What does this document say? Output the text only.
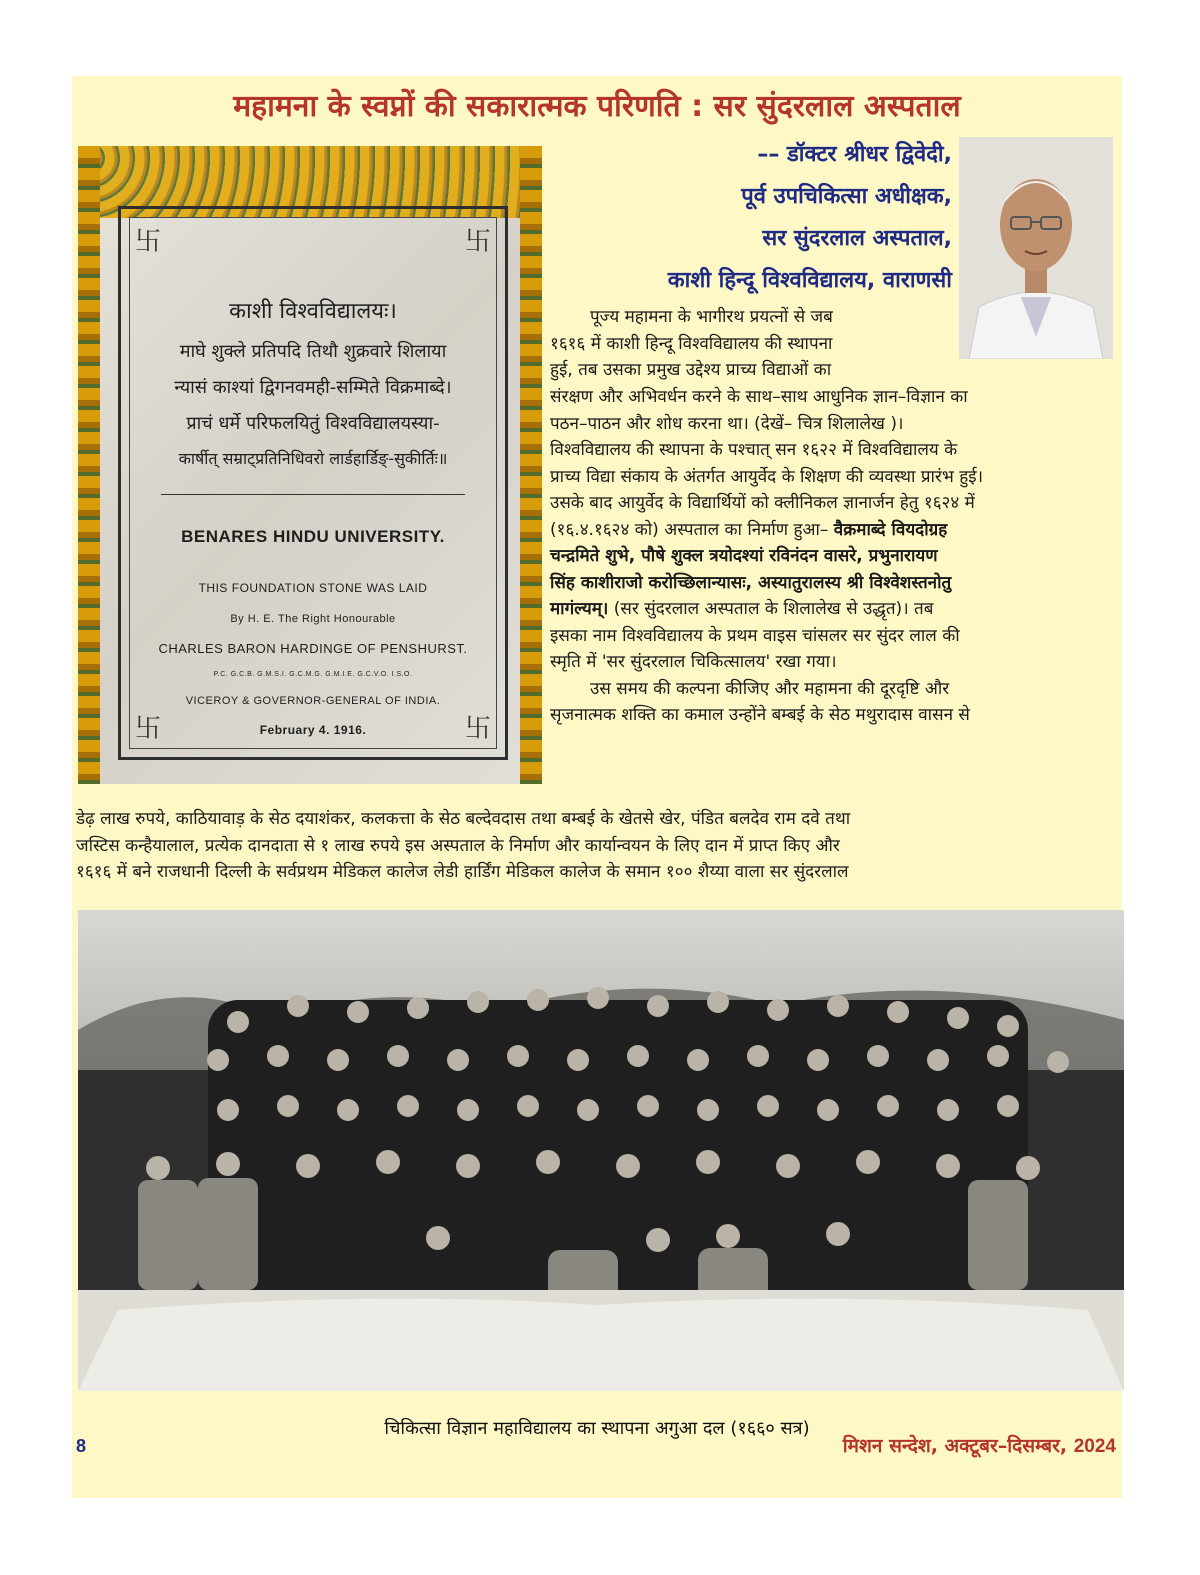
महामना के स्वप्नों की सकारात्मक परिणति : सर सुंदरलाल अस्पताल
卐	卐
卐	卐
काशी विश्वविद्यालयः।
माघे शुक्ले प्रतिपदि तिथौ शुक्रवारे शिलाया
न्यासं काश्यां द्विगनवमही-सम्मिते विक्रमाब्दे।
प्राचं धर्मे परिफलयितुं विश्वविद्यालयस्या-
कार्षीत् सम्राट्प्रतिनिधिवरो लार्डहार्डिङ्-सुकीर्तिः॥
BENARES HINDU UNIVERSITY.
THIS FOUNDATION STONE WAS LAID
By H. E. The Right Honourable
CHARLES BARON HARDINGE OF PENSHURST.
P.C. G.C.B. G.M.S.I. G.C.M.G. G.M.I.E. G.C.V.O. I.S.O.
VICEROY & GOVERNOR-GENERAL OF INDIA.
February 4. 1916.
–– डॉक्टर श्रीधर द्विवेदी,
पूर्व उपचिकित्सा अधीक्षक,
सर सुंदरलाल अस्पताल,
काशी हिन्दू विश्वविद्यालय, वाराणसी
पूज्य महामना के भागीरथ प्रयत्नों से जब
१६१६ में काशी हिन्दू विश्वविद्यालय की स्थापना
हुई, तब उसका प्रमुख उद्देश्य प्राच्य विद्याओं का
संरक्षण और अभिवर्धन करने के साथ–साथ आधुनिक ज्ञान–विज्ञान का
पठन–पाठन और शोध करना था। (देखें– चित्र शिलालेख )।
विश्वविद्यालय की स्थापना के पश्चात् सन १६२२ में विश्वविद्यालय के
प्राच्य विद्या संकाय के अंतर्गत आयुर्वेद के शिक्षण की व्यवस्था प्रारंभ हुई।
उसके बाद आयुर्वेद के विद्यार्थियों को क्लीनिकल ज्ञानार्जन हेतु १६२४ में
(१६.४.१६२४ को) अस्पताल का निर्माण हुआ– वैक्रमाब्दे वियदोग्रह
चन्द्रमिते शुभे, पौषे शुक्ल त्रयोदश्यां रविनंदन वासरे, प्रभुनारायण
सिंह काशीराजो करोच्छिलान्यासः, अस्यातुरालस्य श्री विश्वेशस्तनोतु
मागंल्यम्। (सर सुंदरलाल अस्पताल के शिलालेख से उद्धृत)। तब
इसका नाम विश्वविद्यालय के प्रथम वाइस चांसलर सर सुंदर लाल की
स्मृति में 'सर सुंदरलाल चिकित्सालय' रखा गया।
उस समय की कल्पना कीजिए और महामना की दूरदृष्टि और
सृजनात्मक शक्ति का कमाल उन्होंने बम्बई के सेठ मथुरादास वासन से
डेढ़ लाख रुपये, काठियावाड़ के सेठ दयाशंकर, कलकत्ता के सेठ बल्देवदास तथा बम्बई के खेतसे खेर, पंडित बलदेव राम दवे तथा
जस्टिस कन्हैयालाल, प्रत्येक दानदाता से १ लाख रुपये इस अस्पताल के निर्माण और कार्यान्वयन के लिए दान में प्राप्त किए और
१६१६ में बने राजधानी दिल्ली के सर्वप्रथम मेडिकल कालेज लेडी हार्डिंग मेडिकल कालेज के समान १०० शैय्या वाला सर सुंदरलाल
चिकित्सा विज्ञान महाविद्यालय का स्थापना अगुआ दल (१६६० सत्र)
8	मिशन सन्देश, अक्टूबर–दिसम्बर, 2024
